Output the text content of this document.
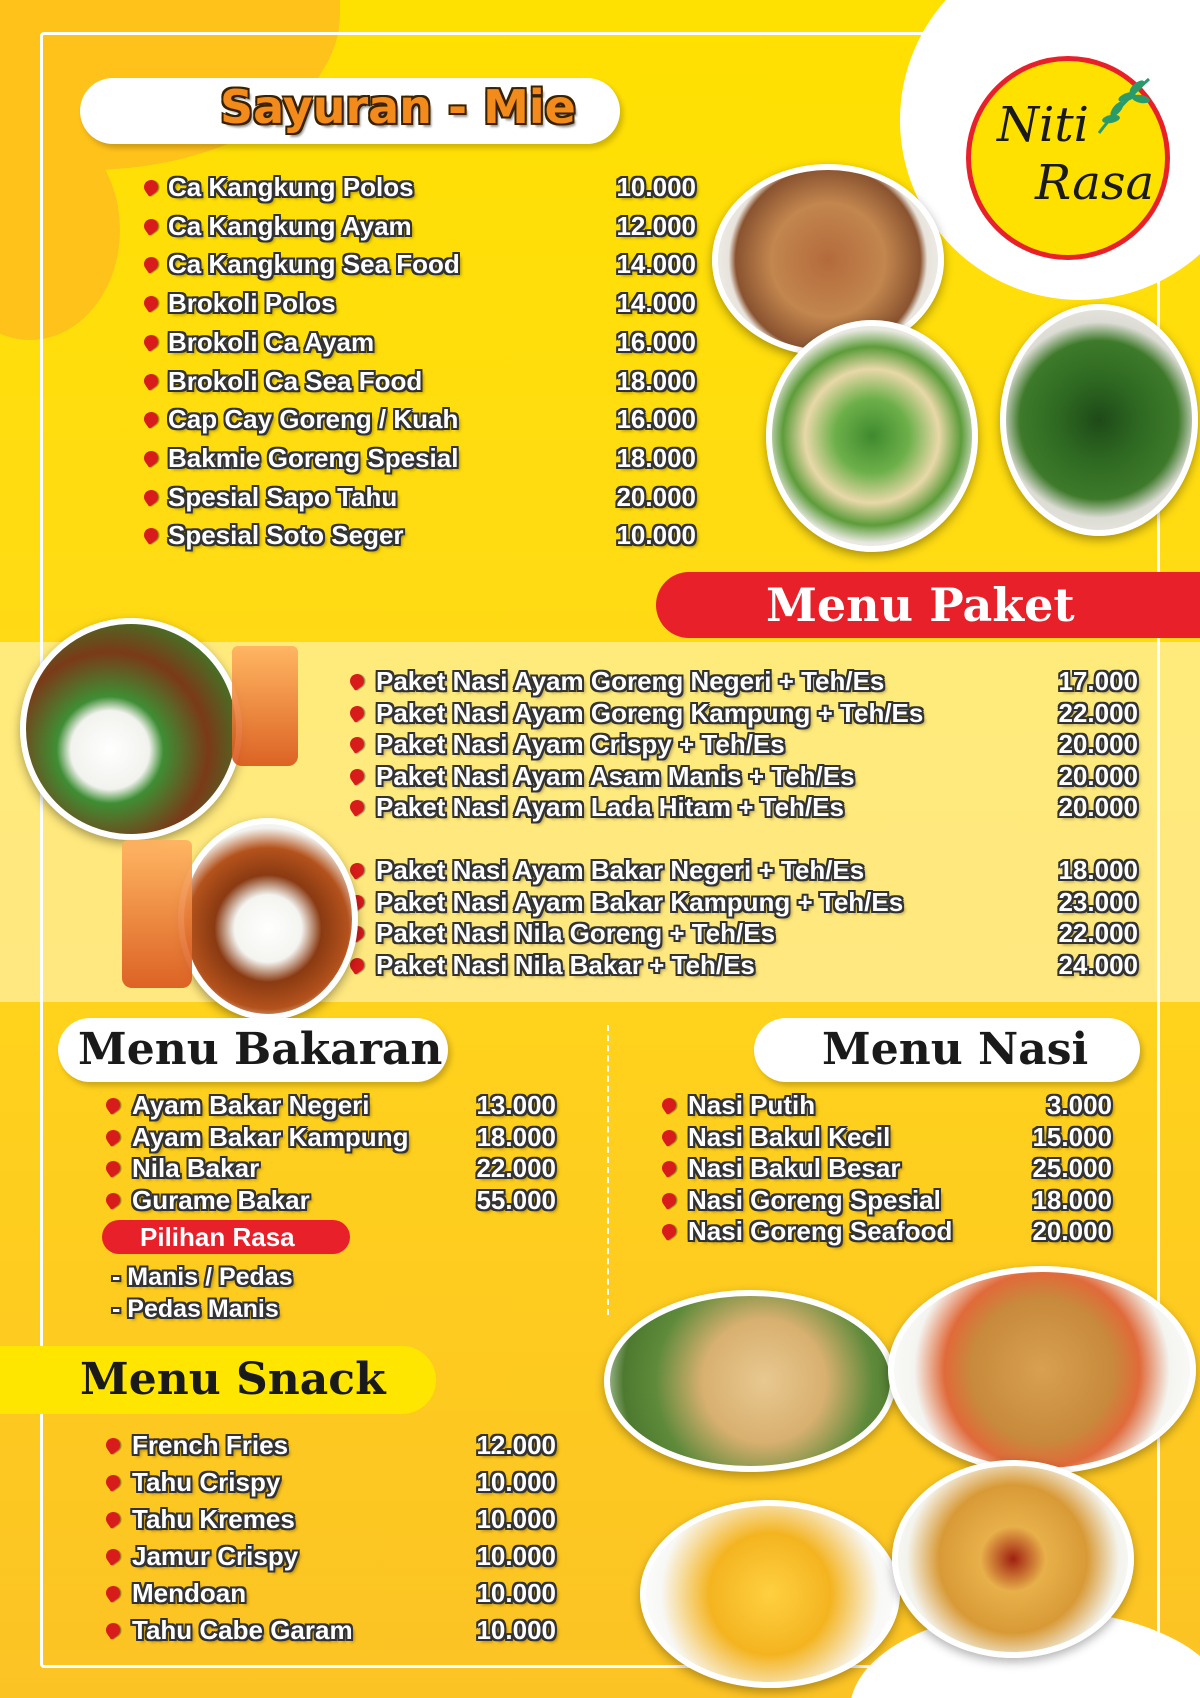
Niti
Rasa
Sayuran - Mie
Ca Kangkung Polos	10.000
Ca Kangkung Ayam	12.000
Ca Kangkung Sea Food	14.000
Brokoli Polos	14.000
Brokoli Ca Ayam	16.000
Brokoli Ca Sea Food	18.000
Cap Cay Goreng / Kuah	16.000
Bakmie Goreng Spesial	18.000
Spesial Sapo Tahu	20.000
Spesial Soto Seger	10.000
Menu Paket
Paket Nasi Ayam Goreng Negeri + Teh/Es	17.000
Paket Nasi Ayam Goreng Kampung + Teh/Es	22.000
Paket Nasi Ayam Crispy + Teh/Es	20.000
Paket Nasi Ayam Asam Manis + Teh/Es	20.000
Paket Nasi Ayam Lada Hitam + Teh/Es	20.000
Paket Nasi Ayam Bakar Negeri + Teh/Es	18.000
Paket Nasi Ayam Bakar Kampung + Teh/Es	23.000
Paket Nasi Nila Goreng + Teh/Es	22.000
Paket Nasi Nila Bakar + Teh/Es	24.000
Menu Bakaran
Ayam Bakar Negeri	13.000
Ayam Bakar Kampung	18.000
Nila Bakar	22.000
Gurame Bakar	55.000
Pilihan Rasa
- Manis / Pedas
- Pedas Manis
Menu Nasi
Nasi Putih	3.000
Nasi Bakul Kecil	15.000
Nasi Bakul Besar	25.000
Nasi Goreng Spesial	18.000
Nasi Goreng Seafood	20.000
Menu Snack
French Fries	12.000
Tahu Crispy	10.000
Tahu Kremes	10.000
Jamur Crispy	10.000
Mendoan	10.000
Tahu Cabe Garam	10.000
